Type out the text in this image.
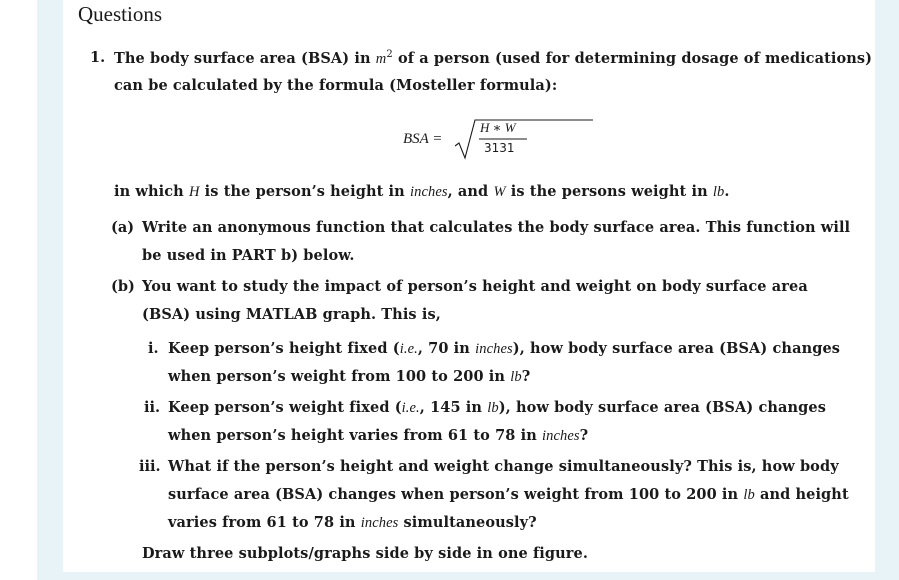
Questions
1. The body surface area (BSA) in $m^2$ of a person (used for determining dosage of medications)
can be calculated by the formula (Mosteller formula):
BSA =
H ∗ W
3131
in which H is the person’s height in inches, and W is the persons weight in lb.
(a) Write an anonymous function that calculates the body surface area. This function will
be used in PART b) below.
(b) You want to study the impact of person’s height and weight on body surface area
(BSA) using MATLAB graph. This is,
i. Keep person’s height fixed (i.e., 70 in inches), how body surface area (BSA) changes
when person’s weight from 100 to 200 in lb?
ii. Keep person’s weight fixed (i.e., 145 in lb), how body surface area (BSA) changes
when person’s height varies from 61 to 78 in inches?
iii. What if the person’s height and weight change simultaneously? This is, how body
surface area (BSA) changes when person’s weight from 100 to 200 in lb and height
varies from 61 to 78 in inches simultaneously?
Draw three subplots/graphs side by side in one figure.
